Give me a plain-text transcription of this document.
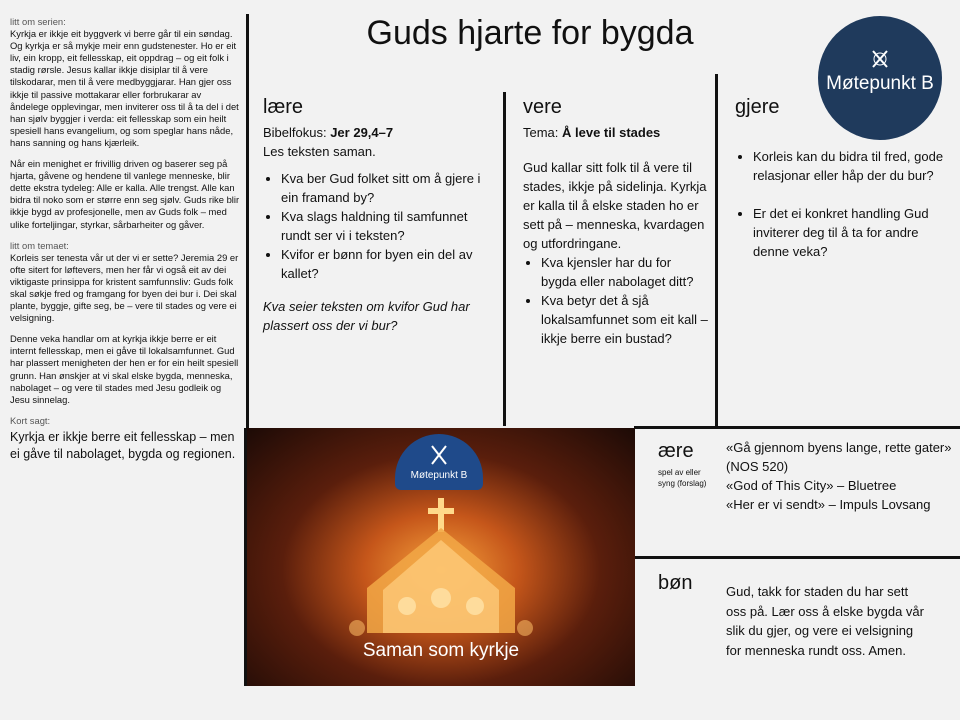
litt om serien:

Kyrkja er ikkje eit byggverk vi berre går til ein søndag. Og kyrkja er så mykje meir enn gudstenester. Ho er eit liv, ein kropp, eit fellesskap, eit oppdrag – og eit folk i stadig rørsle. Jesus kallar ikkje disiplar til å vere tilskodarar, men til å vere medbyggjarar. Han gjer oss ikkje til passive mottakarar eller forbrukarar av åndelege opplevingar, men inviterer oss til å ta del i det han sjølv byggjer i verda: eit fellesskap som ein heilt spesiell hans evangelium, og som speglar hans nåde, hans sanning og hans kjærleik.

Når ein menighet er frivillig driven og baserer seg på hjarta, gåvene og hendene til vanlege menneske, blir dette ekstra tydeleg: Alle er kalla. Alle trengst. Alle kan bidra til noko som er større enn seg sjølv. Guds rike blir ikkje bygd av profesjonelle, men av Guds folk – med ulike forteljingar, styrkar, sårbarheiter og gåver.

litt om temaet:

Korleis ser tenesta vår ut der vi er sette? Jeremia 29 er ofte sitert for løftevers, men her får vi også eit av dei viktigaste prinsippa for kristent samfunnsliv: Guds folk skal søkje fred og framgang for byen dei bur i. Dei skal plante, byggje, gifte seg, be – vere til stades og vere ei velsigning.

Denne veka handlar om at kyrkja ikkje berre er eit internt fellesskap, men ei gåve til lokalsamfunnet. Gud har plassert menigheten der hen er for ein heilt spesiell grunn. Han ønskjer at vi skal elske bygda, menneska, nabolaget – og vere til stades med Jesu godleik og Jesu sinnelag.

Kort sagt:
Kyrkja er ikkje berre eit fellesskap – men ei gåve til nabolaget, bygda og regionen.
Guds hjarte for bygda
Møtepunkt B
lære
Bibelfokus: Jer 29,4–7
Les teksten saman.
• Kva ber Gud folket sitt om å gjere i ein framand by?
• Kva slags haldning til samfunnet rundt ser vi i teksten?
• Kvifor er bønn for byen ein del av kallet?
Kva seier teksten om kvifor Gud har plassert oss der vi bur?
vere
Tema: Å leve til stades
Gud kallar sitt folk til å vere til stades, ikkje på sidelinja. Kyrkja er kalla til å elske staden ho er sett på – menneska, kvardagen og utfordringane.
• Kva kjensler har du for bygda eller nabolaget ditt?
• Kva betyr det å sjå lokalsamfunnet som eit kall – ikkje berre ein bustad?
gjere
• Korleis kan du bidra til fred, gode relasjonar eller håp der du bur?
• Er det ei konkret handling Gud inviterer deg til å ta for andre denne veka?
Møtepunkt B
Saman som kyrkje
ære
spel av eller syng (forslag)
«Gå gjennom byens lange, rette gater» (NOS 520)
«God of This City» – Bluetree
«Her er vi sendt» – Impuls Lovsang
bøn	Gud, takk for staden du har sett oss på. Lær oss å elske bygda vår slik du gjer, og vere ei velsigning for menneska rundt oss. Amen.
